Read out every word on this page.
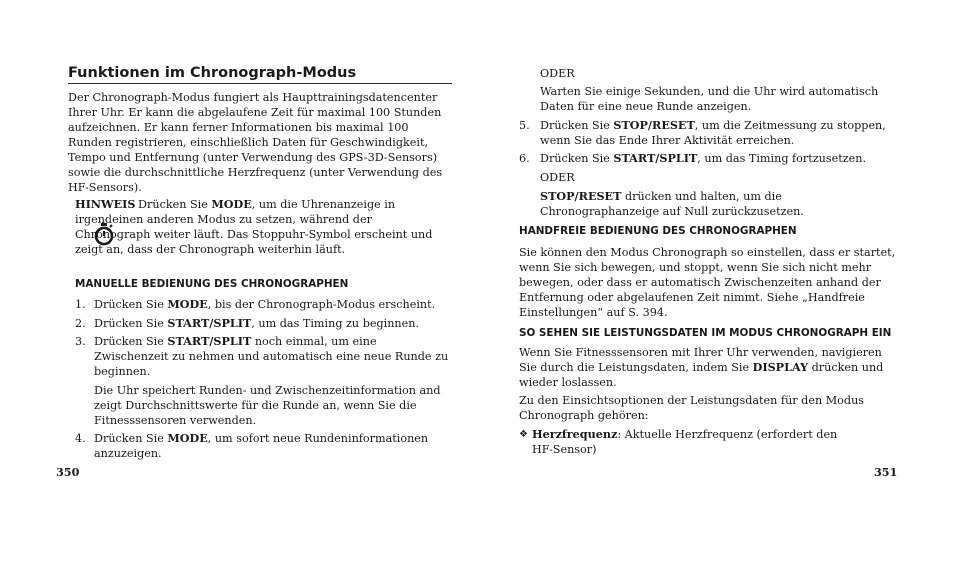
Funktionen im Chronograph-Modus

Der Chronograph-Modus fungiert als Haupttrainingsdatencenter Ihrer Uhr. Er kann die abgelaufene Zeit für maximal 100 Stunden aufzeichnen. Er kann ferner Informationen bis maximal 100 Runden registrieren, einschließlich Daten für Geschwindigkeit, Tempo und Entfernung (unter Verwendung des GPS-3D-Sensors) sowie die durchschnittliche Herzfrequenz (unter Verwendung des HF-Sensors).

HINWEIS

: Drücken Sie MODE, um die Uhrenanzeige in irgendeinen anderen Modus zu setzen, während der Chronograph weiter läuft. Das Stoppuhr-Symbol erscheint und zeigt an, dass der Chronograph weiterhin läuft.

MANUELLE BEDIENUNG DES CHRONOGRAPHEN
1. Drücken Sie MODE, bis der Chronograph-Modus erscheint.
2. Drücken Sie START/SPLIT, um das Timing zu beginnen.
3. Drücken Sie START/SPLIT noch einmal, um eine Zwischenzeit zu nehmen und automatisch eine neue Runde zu beginnen.

Die Uhr speichert Runden- und Zwischenzeitinformation and zeigt Durchschnittswerte für die Runde an, wenn Sie die Fitnesssensoren verwenden.

4. Drücken Sie MODE, um sofort neue Rundeninformationen anzuzeigen.
350

ODER

Warten Sie einige Sekunden, und die Uhr wird automatisch Daten für eine neue Runde anzeigen.

5. Drücken Sie STOP/RESET, um die Zeitmessung zu stoppen, wenn Sie das Ende Ihrer Aktivität erreichen.
6. Drücken Sie START/SPLIT, um das Timing fortzusetzen.

ODER

STOP/RESET drücken und halten, um die Chronographanzeige auf Null zurückzusetzen.

HANDFREIE BEDIENUNG DES CHRONOGRAPHEN

Sie können den Modus Chronograph so einstellen, dass er startet, wenn Sie sich bewegen, und stoppt, wenn Sie sich nicht mehr bewegen, oder dass er automatisch Zwischenzeiten anhand der Entfernung oder abgelaufenen Zeit nimmt. Siehe „Handfreie Einstellungen“ auf S. 394.

SO SEHEN SIE LEISTUNGSDATEN IM MODUS CHRONOGRAPH EIN

Wenn Sie Fitnesssensoren mit Ihrer Uhr verwenden, navigieren Sie durch die Leistungsdaten, indem Sie DISPLAY drücken und wieder loslassen.

Zu den Einsichtsoptionen der Leistungsdaten für den Modus Chronograph gehören:

❖ Herzfrequenz: Aktuelle Herzfrequenz (erfordert den HF-Sensor)
351
